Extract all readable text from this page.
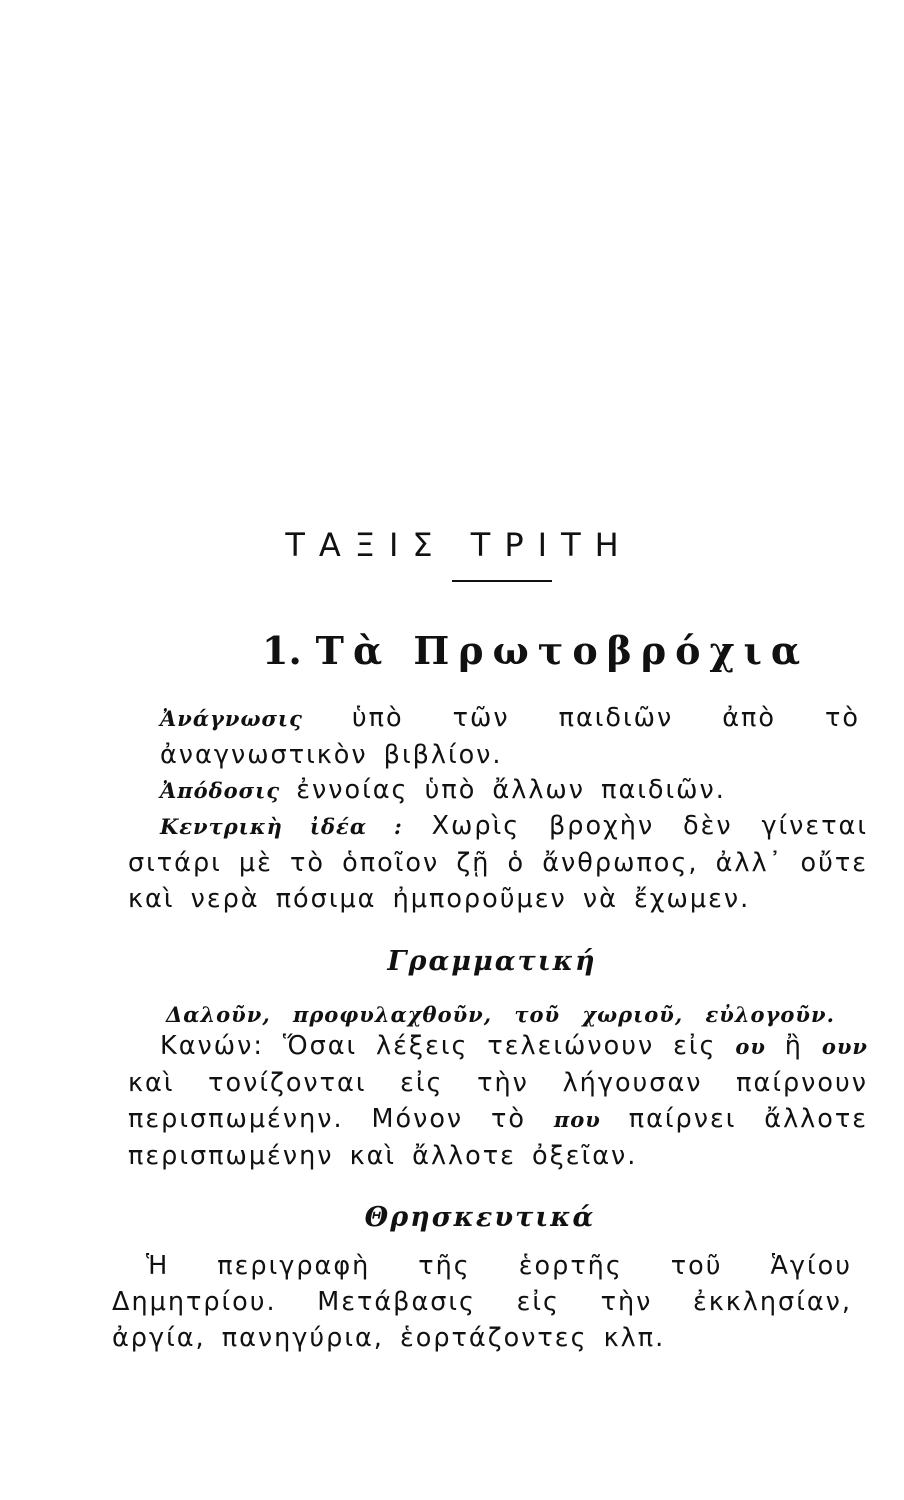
ΤΑΞΙΣ ΤΡΙΤΗ
1. Τὰ Πρωτοβρόχια

Ἀνάγνωσις ὑπὸ τῶν παιδιῶν ἀπὸ τὸ ἀναγνωστικὸν βιβλίον.

Ἀπόδοσις ἐννοίας ὑπὸ ἄλλων παιδιῶν.

Κεντρικὴ ἰδέα : Χωρὶς βροχὴν δὲν γίνεται σιτάρι μὲ τὸ ὁποῖον ζῇ ὁ ἄνθρωπος, ἀλλ᾽ οὔτε καὶ νερὰ πόσιμα ἠμποροῦμεν νὰ ἔχωμεν.

Γραμματική

Δαλοῦν, προφυλαχθοῦν, τοῦ χωριοῦ, εὐλογοῦν.

Κανών: Ὅσαι λέξεις τελειώνουν εἰς ου ἢ ουν καὶ τονίζονται εἰς τὴν λήγουσαν παίρνουν περισπωμένην. Μόνον τὸ που παίρνει ἄλλοτε περισπωμένην καὶ ἄλλοτε ὀξεῖαν.

Θρησκευτικά

Ἡ περιγραφὴ τῆς ἑορτῆς τοῦ Ἁγίου Δημητρίου. Μετάβασις εἰς τὴν ἐκκλησίαν, ἀργία, πανηγύρια, ἑορτάζοντες κλπ.
